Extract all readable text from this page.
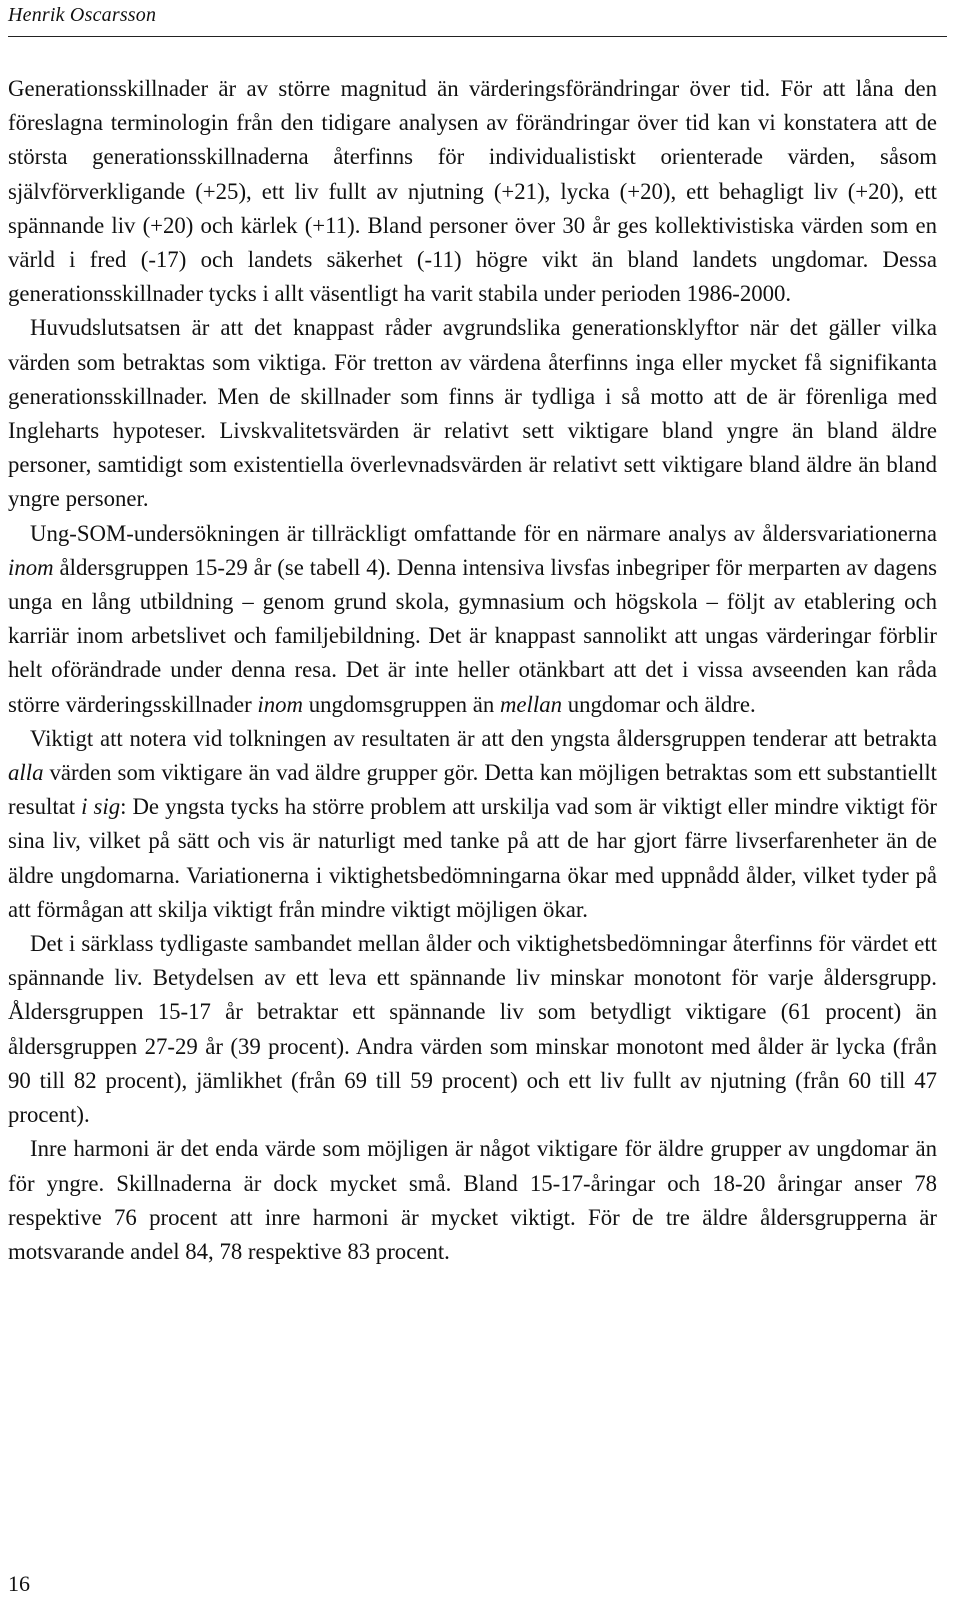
Henrik Oscarsson

Generationsskillnader är av större magnitud än värderingsförändringar över tid. För att låna den föreslagna terminologin från den tidigare analysen av förändringar över tid kan vi konstatera att de största generationsskillnaderna återfinns för individualistiskt orienterade värden, såsom självförverkligande (+25), ett liv fullt av njutning (+21), lycka (+20), ett behagligt liv (+20), ett spännande liv (+20) och kärlek (+11). Bland personer över 30 år ges kollektivistiska värden som en värld i fred (-17) och landets säkerhet (-11) högre vikt än bland landets ungdomar. Dessa generationsskillnader tycks i allt väsentligt ha varit stabila under perioden 1986-2000.

Huvudslutsatsen är att det knappast råder avgrundslika generationsklyftor när det gäller vilka värden som betraktas som viktiga. För tretton av värdena återfinns inga eller mycket få signifikanta generationsskillnader. Men de skillnader som finns är tydliga i så motto att de är förenliga med Ingleharts hypoteser. Livskvalitetsvärden är relativt sett viktigare bland yngre än bland äldre personer, samtidigt som existentiella överlevnadsvärden är relativt sett viktigare bland äldre än bland yngre personer.

Ung-SOM-undersökningen är tillräckligt omfattande för en närmare analys av åldersvariationerna inom åldersgruppen 15-29 år (se tabell 4). Denna intensiva livsfas inbegriper för merparten av dagens unga en lång utbildning – genom grund skola, gymnasium och högskola – följt av etablering och karriär inom arbetslivet och familjebildning. Det är knappast sannolikt att ungas värderingar förblir helt oförändrade under denna resa. Det är inte heller otänkbart att det i vissa avseenden kan råda större värderingsskillnader inom ungdomsgruppen än mellan ungdomar och äldre.

Viktigt att notera vid tolkningen av resultaten är att den yngsta åldersgruppen tenderar att betrakta alla värden som viktigare än vad äldre grupper gör. Detta kan möjligen betraktas som ett substantiellt resultat i sig: De yngsta tycks ha större problem att urskilja vad som är viktigt eller mindre viktigt för sina liv, vilket på sätt och vis är naturligt med tanke på att de har gjort färre livserfarenheter än de äldre ungdomarna. Variationerna i viktighetsbedömningarna ökar med uppnådd ålder, vilket tyder på att förmågan att skilja viktigt från mindre viktigt möjligen ökar.

Det i särklass tydligaste sambandet mellan ålder och viktighetsbedömningar återfinns för värdet ett spännande liv. Betydelsen av ett leva ett spännande liv minskar monotont för varje åldersgrupp. Åldersgruppen 15-17 år betraktar ett spännande liv som betydligt viktigare (61 procent) än åldersgruppen 27-29 år (39 procent). Andra värden som minskar monotont med ålder är lycka (från 90 till 82 procent), jämlikhet (från 69 till 59 procent) och ett liv fullt av njutning (från 60 till 47 procent).

Inre harmoni är det enda värde som möjligen är något viktigare för äldre grupper av ungdomar än för yngre. Skillnaderna är dock mycket små. Bland 15-17-åringar och 18-20 åringar anser 78 respektive 76 procent att inre harmoni är mycket viktigt. För de tre äldre åldersgrupperna är motsvarande andel 84, 78 respektive 83 procent.

16
